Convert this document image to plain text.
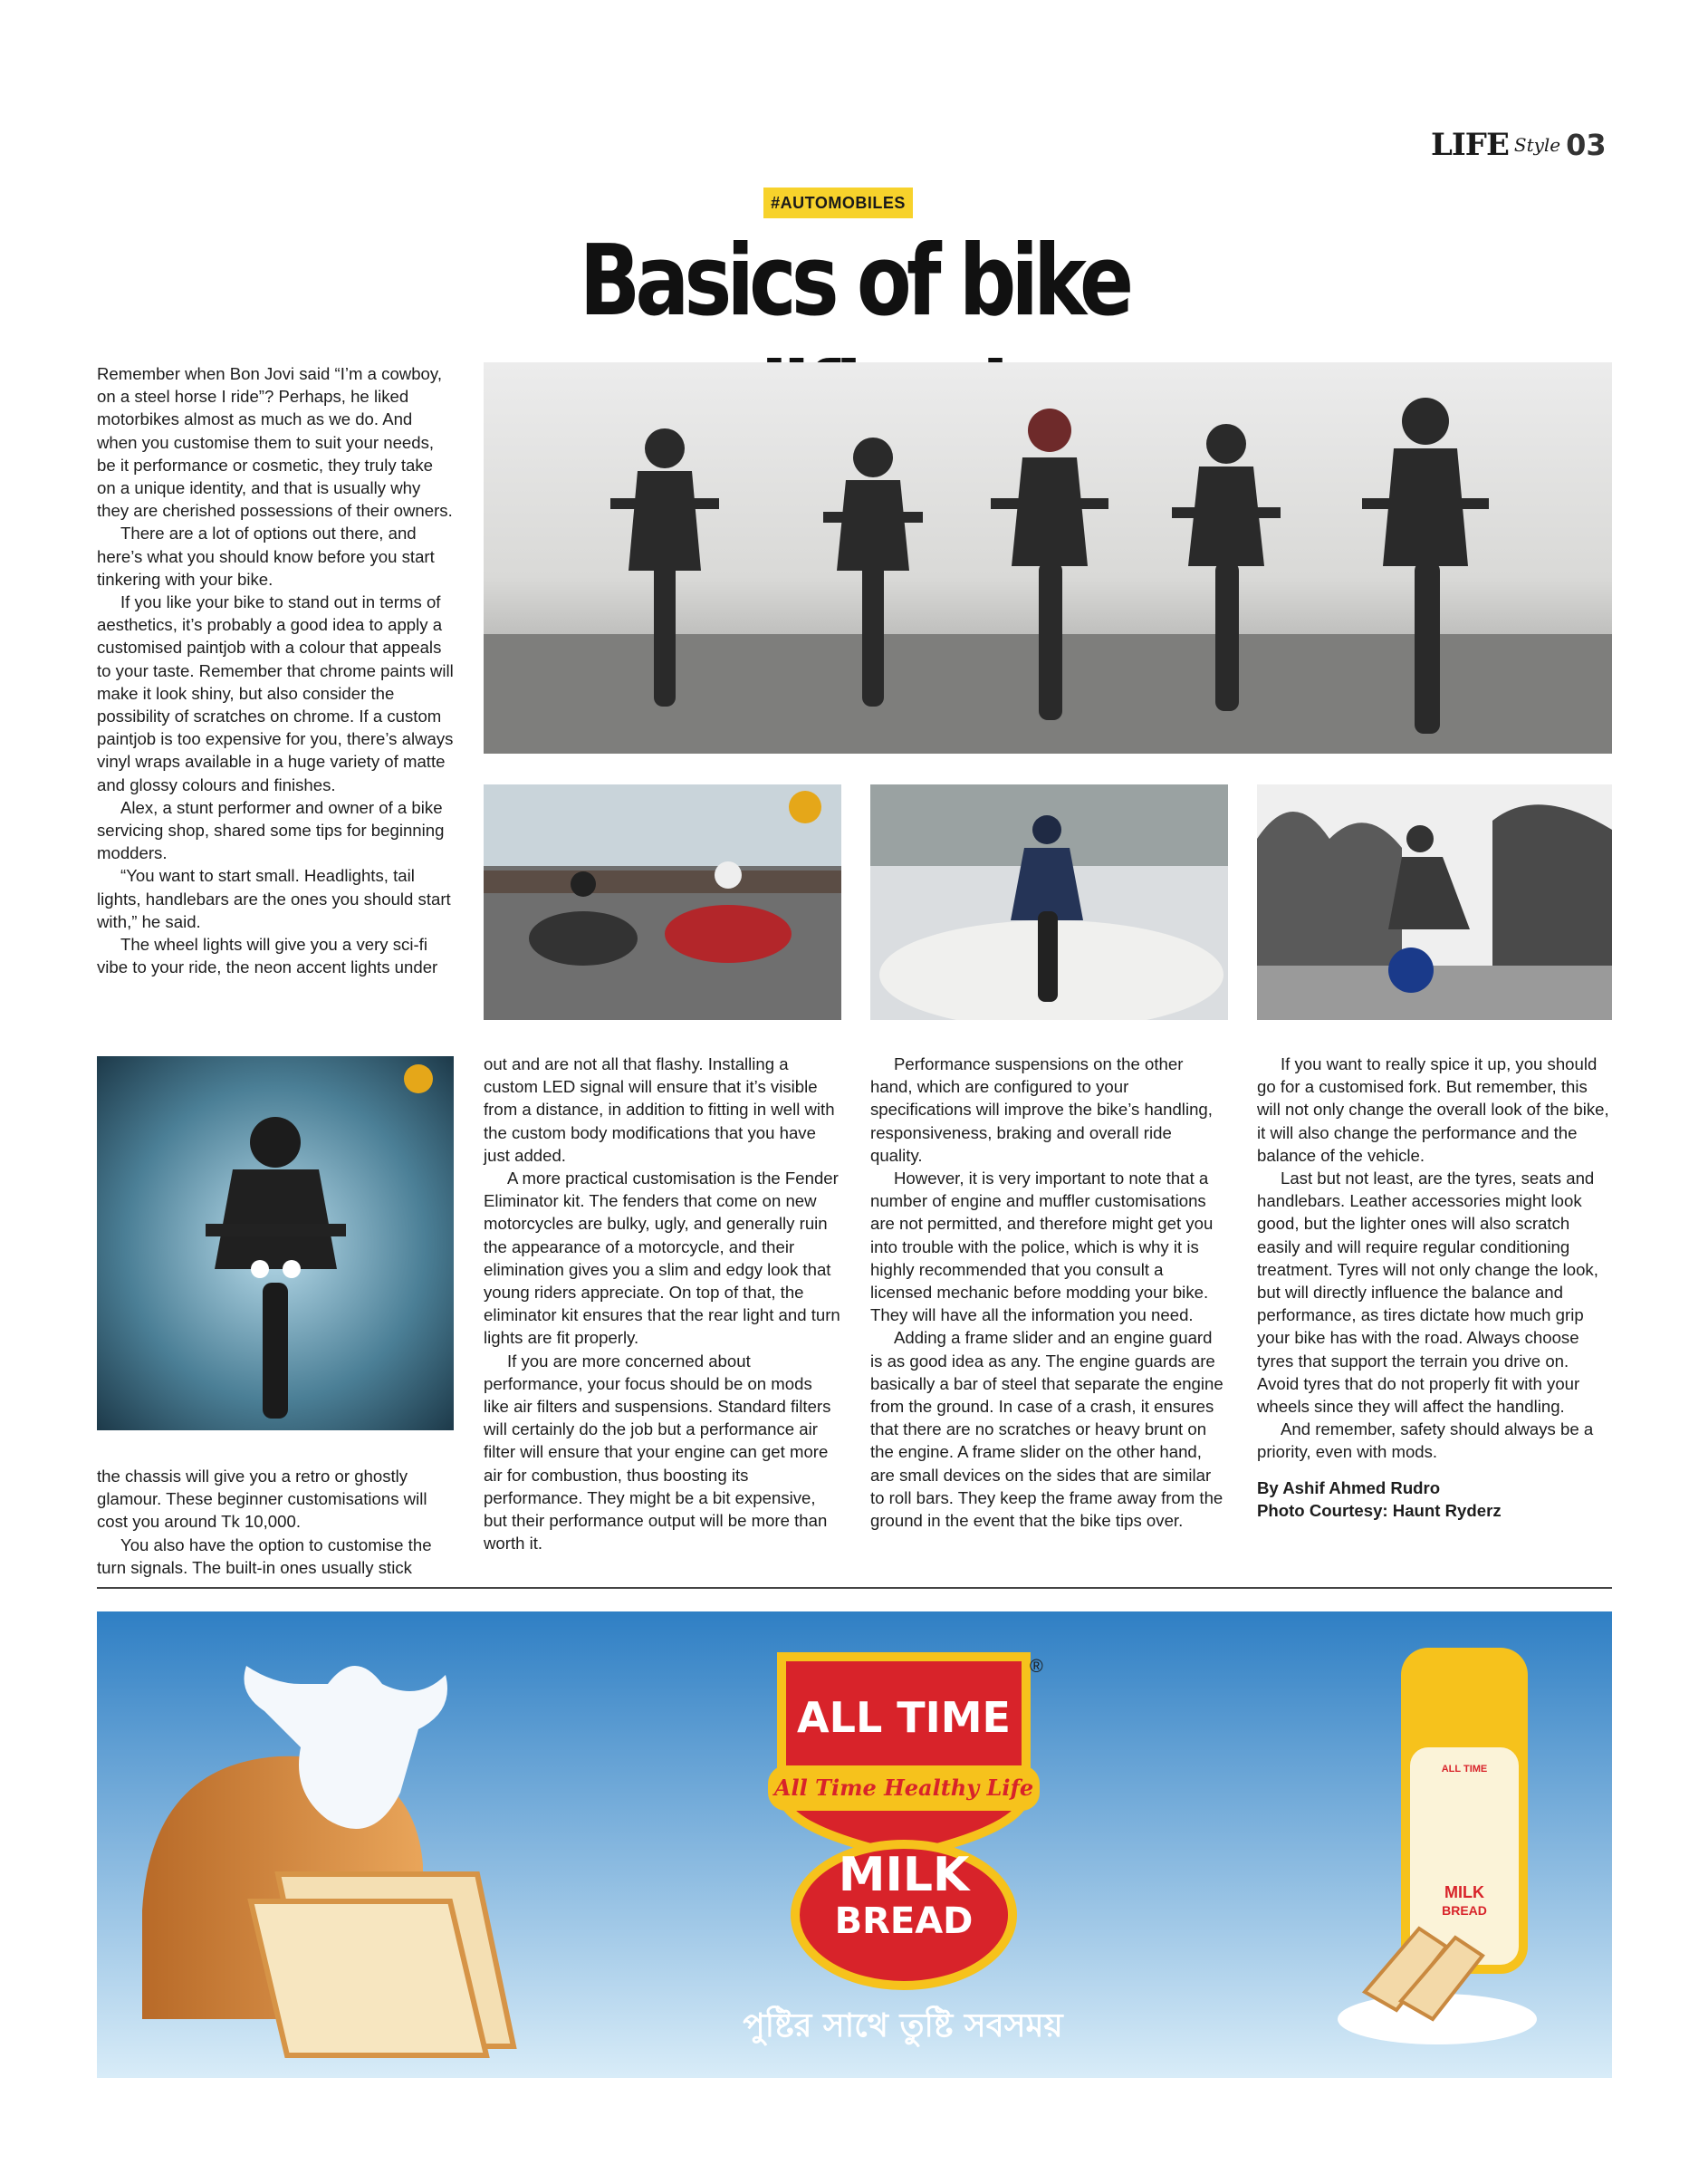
LIFE Style 03
#AUTOMOBILES
Basics of bike

Remember when Bon Jovi said “I’m a cowboy, on a steel horse I ride”? Perhaps, he liked motorbikes almost as much as we do. And when you customise them to suit your needs, be it performance or cosmetic, they truly take on a unique identity, and that is usually why they are cherished possessions of their owners.

There are a lot of options out there, and here’s what you should know before you start tinkering with your bike.

If you like your bike to stand out in terms of aesthetics, it’s probably a good idea to apply a customised paintjob with a colour that appeals to your taste. Remember that chrome paints will make it look shiny, but also consider the possibility of scratches on chrome. If a custom paintjob is too expensive for you, there’s always vinyl wraps available in a huge variety of matte and glossy colours and finishes.

Alex, a stunt performer and owner of a bike servicing shop, shared some tips for beginning modders.

“You want to start small. Headlights, tail lights, handlebars are the ones you should start with,” he said.

The wheel lights will give you a very sci-fi vibe to your ride, the neon accent lights under

the chassis will give you a retro or ghostly glamour. These beginner customisations will cost you around Tk 10,000.

You also have the option to customise the turn signals. The built-in ones usually stick

out and are not all that flashy. Installing a custom LED signal will ensure that it’s visible from a distance, in addition to fitting in well with the custom body modifications that you have just added.

A more practical customisation is the Fender Eliminator kit. The fenders that come on new motorcycles are bulky, ugly, and generally ruin the appearance of a motorcycle, and their elimination gives you a slim and edgy look that young riders appreciate. On top of that, the eliminator kit ensures that the rear light and turn lights are fit properly.

If you are more concerned about performance, your focus should be on mods like air filters and suspensions. Standard filters will certainly do the job but a performance air filter will ensure that your engine can get more air for combustion, thus boosting its performance. They might be a bit expensive, but their performance output will be more than worth it.

Performance suspensions on the other hand, which are configured to your specifications will improve the bike’s handling, responsiveness, braking and overall ride quality.

However, it is very important to note that a number of engine and muffler customisations are not permitted, and therefore might get you into trouble with the police, which is why it is highly recommended that you consult a licensed mechanic before modding your bike. They will have all the information you need.

Adding a frame slider and an engine guard is as good idea as any. The engine guards are basically a bar of steel that separate the engine from the ground. In case of a crash, it ensures that there are no scratches or heavy brunt on the engine. A frame slider on the other hand, are small devices on the sides that are similar to roll bars. They keep the frame away from the ground in the event that the bike tips over.

If you want to really spice it up, you should go for a customised fork. But remember, this will not only change the overall look of the bike, it will also change the performance and the balance of the vehicle.

Last but not least, are the tyres, seats and handlebars. Leather accessories might look good, but the lighter ones will also scratch easily and will require regular conditioning treatment. Tyres will not only change the look, but will directly influence the balance and performance, as tires dictate how much grip your bike has with the road. Always choose tyres that support the terrain you drive on. Avoid tyres that do not properly fit with your wheels since they will affect the handling.

And remember, safety should always be a priority, even with mods.

By Ashif Ahmed Rudro
Photo Courtesy: Haunt Ryderz
ALL TIME
All Time Healthy Life
MILK
BREAD
®
পুষ্টির সাথে তুষ্টি সবসময়
ALL TIME
MILK
BREAD
